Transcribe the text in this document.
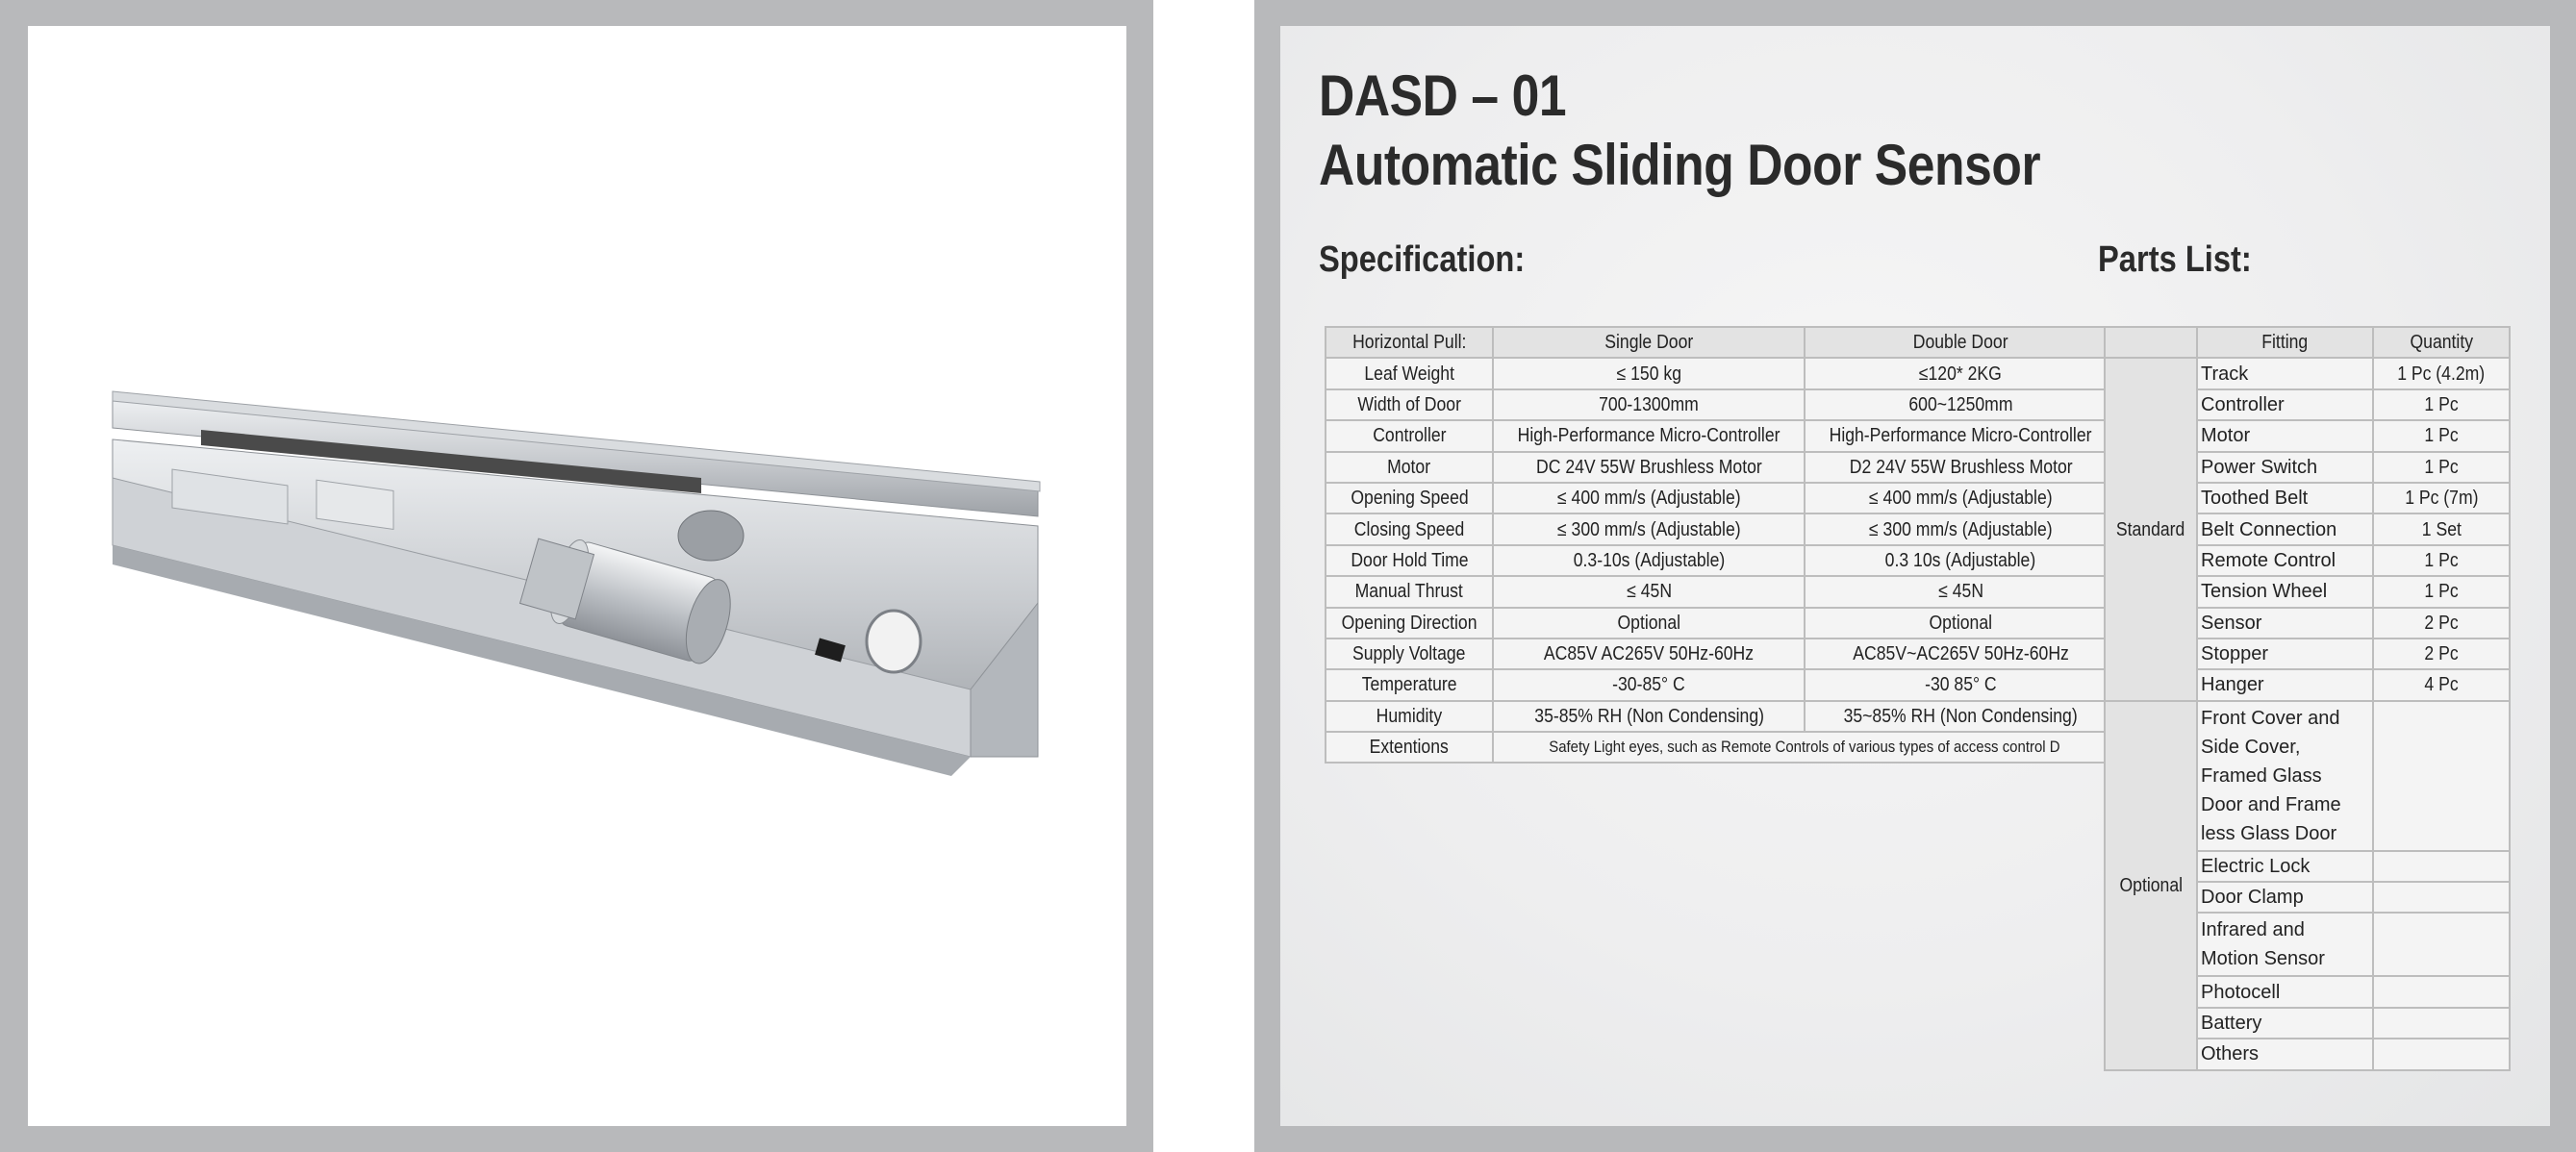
DASD – 01
Automatic Sliding Door Sensor
Specification:	Parts List:
Horizontal Pull:	Single Door	Double Door
Leaf Weight	≤ 150 kg	≤120* 2KG
Width of Door	700-1300mm	600~1250mm
Controller	High-Performance Micro-Controller	High-Performance Micro-Controller
Motor	DC 24V 55W Brushless Motor	D2 24V 55W Brushless Motor
Opening Speed	≤ 400 mm/s (Adjustable)	≤ 400 mm/s (Adjustable)
Closing Speed	≤ 300 mm/s (Adjustable)	≤ 300 mm/s (Adjustable)
Door Hold Time	0.3-10s (Adjustable)	0.3 10s (Adjustable)
Manual Thrust	≤ 45N	≤ 45N
Opening Direction	Optional	Optional
Supply Voltage	AC85V AC265V 50Hz-60Hz	AC85V~AC265V 50Hz-60Hz
Temperature	-30-85° C	-30 85° C
Humidity	35-85% RH (Non Condensing)	35~85% RH (Non Condensing)
Extentions	Safety Light eyes, such as Remote Controls of various types of access control D	
	Fitting	Quantity
Standard	Track	1 Pc (4.2m)
	Controller	1 Pc
	Motor	1 Pc
	Power Switch	1 Pc
	Toothed Belt	1 Pc (7m)
	Belt Connection	1 Set
	Remote Control	1 Pc
	Tension Wheel	1 Pc
	Sensor	2 Pc
	Stopper	2 Pc
	Hanger	4 Pc
Optional	Front Cover and Side Cover, Framed Glass Door and Frame less Glass Door	
	Electric Lock	
	Door Clamp	
	Infrared and Motion Sensor	
	Photocell	
	Battery	
	Others	
